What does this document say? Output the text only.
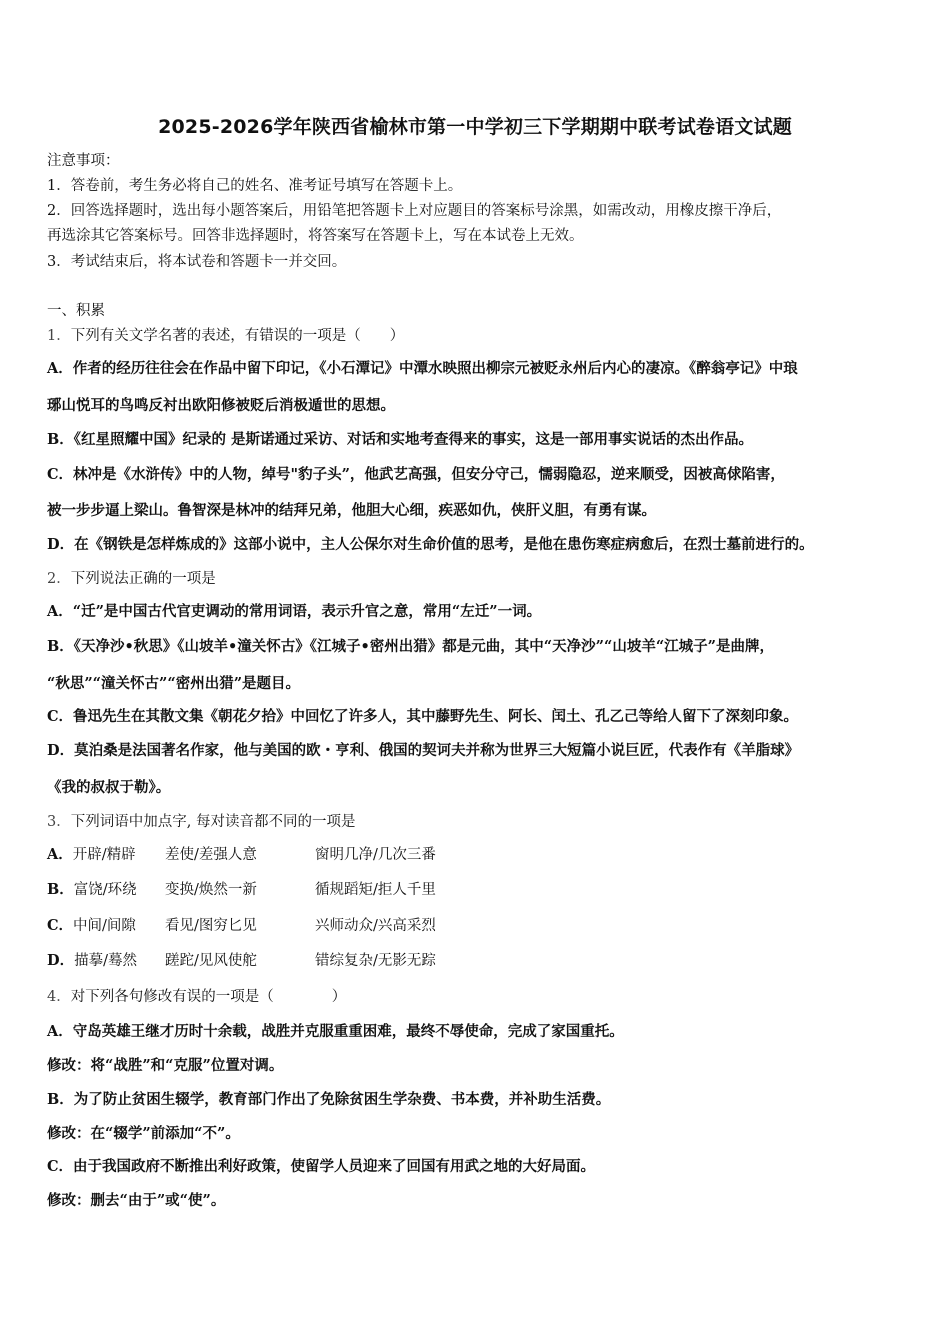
2025-2026学年陕西省榆林市第一中学初三下学期期中联考试卷语文试题
注意事项：
1．答卷前，考生务必将自己的姓名、准考证号填写在答题卡上。
2．回答选择题时，选出每小题答案后，用铅笔把答题卡上对应题目的答案标号涂黑，如需改动，用橡皮擦干净后，
再选涂其它答案标号。回答非选择题时，将答案写在答题卡上，写在本试卷上无效。
3．考试结束后，将本试卷和答题卡一并交回。
一、积累
1．下列有关文学名著的表述，有错误的一项是（　　）
A．作者的经历往往会在作品中留下印记，《小石潭记》中潭水映照出柳宗元被贬永州后内心的凄凉。《醉翁亭记》中琅
琊山悦耳的鸟鸣反衬出欧阳修被贬后消极遁世的思想。
B．《红星照耀中国》纪录的 是斯诺通过采访、对话和实地考查得来的事实，这是一部用事实说话的杰出作品。
C．林冲是《水浒传》中的人物，绰号"豹子头”，他武艺高强，但安分守己，懦弱隐忍，逆来顺受，因被高俅陷害，
被一步步逼上梁山。鲁智深是林冲的结拜兄弟，他胆大心细，疾恶如仇，侠肝义胆，有勇有谋。
D．在《钢铁是怎样炼成的》这部小说中，主人公保尔对生命价值的思考，是他在患伤寒症病愈后，在烈士墓前进行的。
2．下列说法正确的一项是
A．“迁”是中国古代官吏调动的常用词语，表示升官之意，常用“左迁”一词。
B．《天净沙•秋思》《山坡羊•潼关怀古》《江城子•密州出猎》都是元曲，其中“天净沙”“山坡羊“江城子”是曲牌，
“秋思”“潼关怀古”“密州出猎”是题目。
C．鲁迅先生在其散文集《朝花夕拾》中回忆了许多人，其中藤野先生、阿长、闰土、孔乙己等给人留下了深刻印象。
D．莫泊桑是法国著名作家，他与美国的欧・亨利、俄国的契诃夫并称为世界三大短篇小说巨匠，代表作有《羊脂球》
《我的叔叔于勒》。
3．下列词语中加点字, 每对读音都不同的一项是
A．开辟/精辟 差使/差强人意	窗明几净/几次三番
B．富饶/环绕 变换/焕然一新	循规蹈矩/拒人千里
C．中间/间隙 看见/图穷匕见	兴师动众/兴高采烈
D．描摹/蓦然 蹉跎/见风使舵	错综复杂/无影无踪
4．对下列各句修改有误的一项是（　　　　）
A．守岛英雄王继才历时十余载，战胜并克服重重困难，最终不辱使命，完成了家国重托。
修改：将“战胜”和“克服”位置对调。
B．为了防止贫困生辍学，教育部门作出了免除贫困生学杂费、书本费，并补助生活费。
修改：在“辍学”前添加“不”。
C．由于我国政府不断推出利好政策，使留学人员迎来了回国有用武之地的大好局面。
修改：删去“由于”或“使”。
